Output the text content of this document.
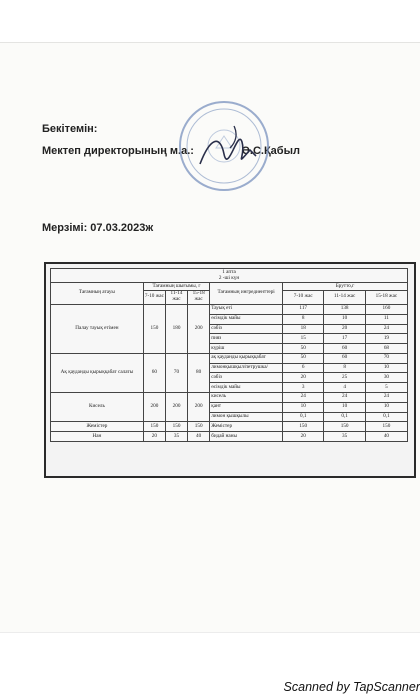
Бекітемін:
Мектеп директорының м.а.:	Ә.С.Қабыл
Мерзімі: 07.03.2023ж
1 апта
2 -ші күн							

Тағамның атауы	Тағамның шығымы, г			Тағамның ингредиенттері	Брутто,г		
	7-10 жас	11-14 жас	15-18 жас		7-10 жас	11-14 жас	15-18 жас
Палау тауық етімен	150	180	200	Тауық еті	117	138	160
				өсімдік майы	8	10	11
				сәбіз	18	20	24
				пияз	15	17	19
				күріш	50	60	68
Ақ қауданды қырыққабат салаты	60	70	80	ақ қауданды қырыққабат	50	60	70
				лимонқышқыл/петрушка/	6	8	10
				сәбіз	20	25	30
				өсімдік майы	3	4	5
Кисель	200	200	200	кисель	24	24	24
				қант	10	10	10
				лимон қышқылы	0,1	0,1	0,1
Жемістер	150	150	150	Жемістер	150	150	150
Нан	20	35	40	бидай наны	20	35	40
Scanned by TapScanner
